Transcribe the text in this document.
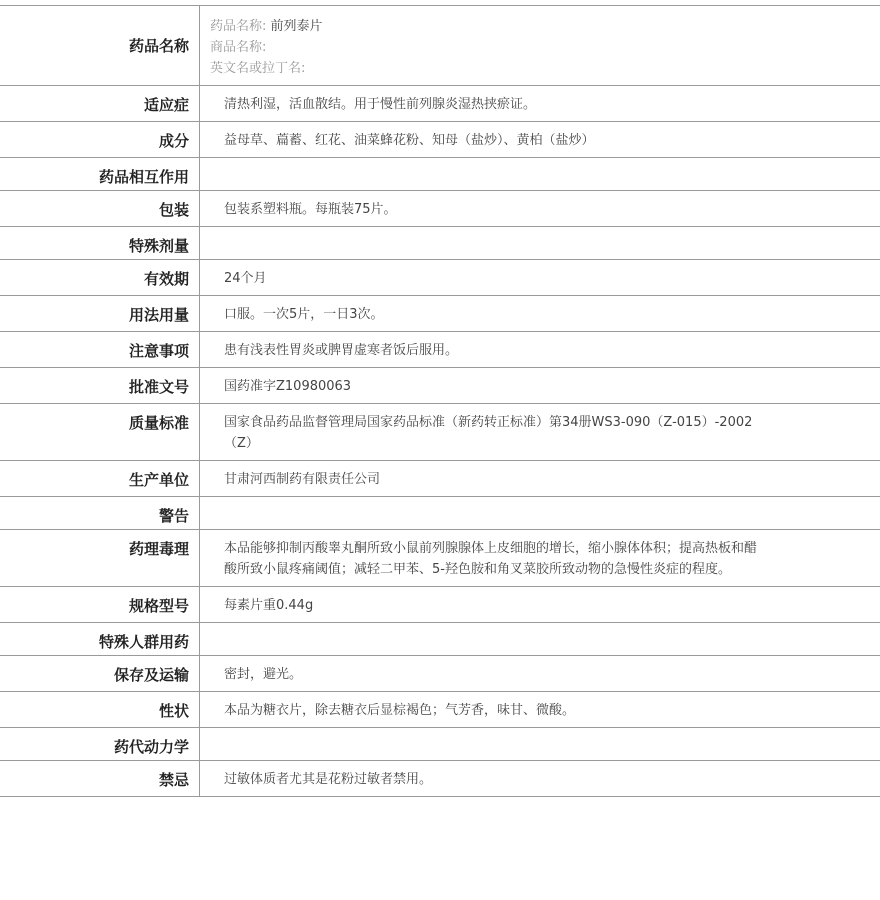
药品名称
药品名称: 前列泰片
商品名称:
英文名或拉丁名:
适应症	清热利湿，活血散结。用于慢性前列腺炎湿热挟瘀证。
成分	益母草、萹蓄、红花、油菜蜂花粉、知母（盐炒）、黄柏（盐炒）
药品相互作用
包装	包装系塑料瓶。每瓶装75片。
特殊剂量
有效期	24个月
用法用量	口服。一次5片，一日3次。
注意事项	患有浅表性胃炎或脾胃虚寒者饭后服用。
批准文号	国药准字Z10980063
质量标准	国家食品药品监督管理局国家药品标准（新药转正标准）第34册WS3-090（Z-015）-2002（Z）
生产单位	甘肃河西制药有限责任公司
警告
药理毒理	本品能够抑制丙酸睾丸酮所致小鼠前列腺腺体上皮细胞的增长，缩小腺体体积；提高热板和醋酸所致小鼠疼痛阈值；减轻二甲苯、5-羟色胺和角叉菜胶所致动物的急慢性炎症的程度。
规格型号	每素片重0.44g
特殊人群用药
保存及运输	密封，避光。
性状	本品为糖衣片，除去糖衣后显棕褐色；气芳香，味甘、微酸。
药代动力学
禁忌	过敏体质者尤其是花粉过敏者禁用。
